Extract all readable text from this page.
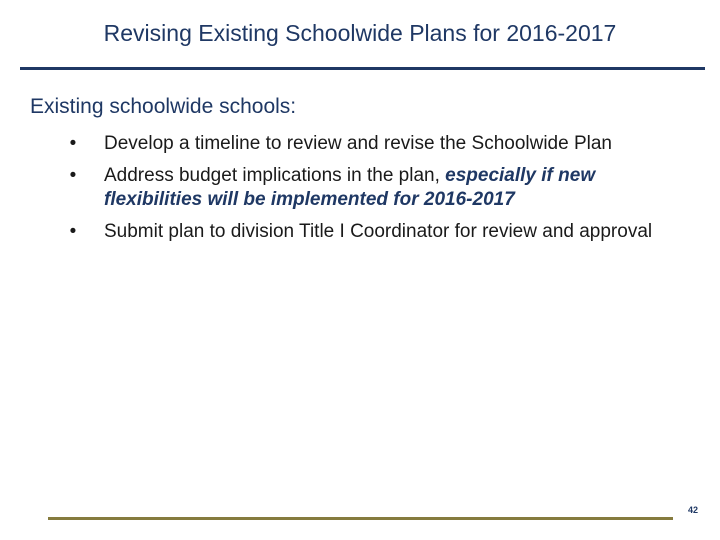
Revising Existing Schoolwide Plans for 2016-2017
Existing schoolwide schools:
• Develop a timeline to review and revise the Schoolwide Plan
• Address budget implications in the plan, especially if new flexibilities will be implemented for 2016-2017
• Submit plan to division Title I Coordinator for review and approval
42
